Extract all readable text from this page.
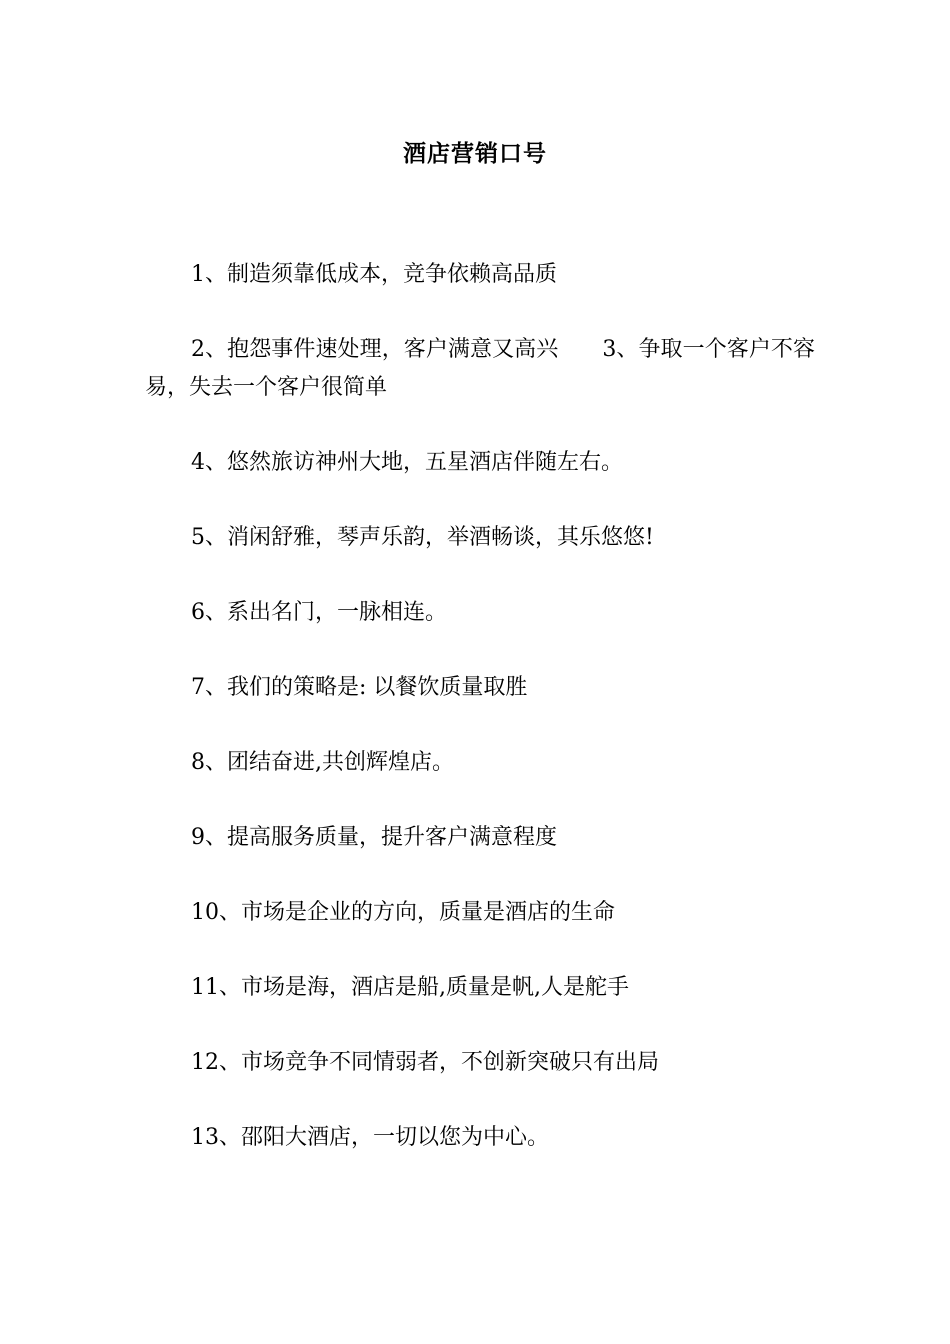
酒店营销口号

1、制造须靠低成本，竞争依赖高品质

2、抱怨事件速处理，客户满意又高兴 3、争取一个客户不容易，失去一个客户很简单

4、悠然旅访神州大地，五星酒店伴随左右。

5、消闲舒雅，琴声乐韵，举酒畅谈，其乐悠悠!

6、系出名门，一脉相连。

7、我们的策略是: 以餐饮质量取胜

8、团结奋进,共创辉煌店。

9、提高服务质量，提升客户满意程度

10、市场是企业的方向，质量是酒店的生命

11、市场是海，酒店是船,质量是帆,人是舵手

12、市场竞争不同情弱者，不创新突破只有出局

13、邵阳大酒店，一切以您为中心。
